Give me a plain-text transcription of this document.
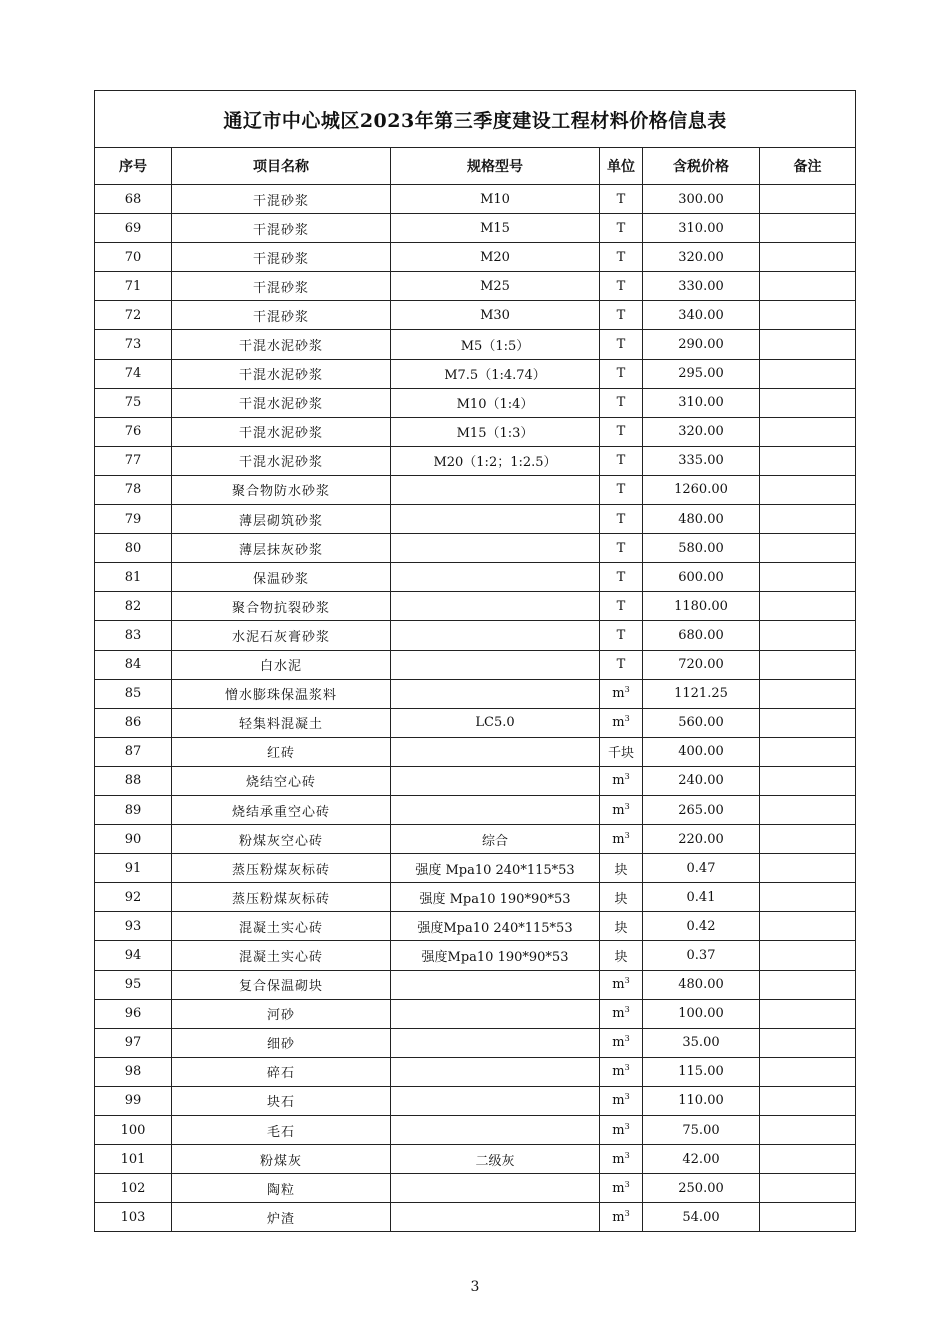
通辽市中心城区2023年第三季度建设工程材料价格信息表					
序号	项目名称	规格型号	单位	含税价格	备注
68	干混砂浆	M10	T	300.00	
69	干混砂浆	M15	T	310.00	
70	干混砂浆	M20	T	320.00	
71	干混砂浆	M25	T	330.00	
72	干混砂浆	M30	T	340.00	
73	干混水泥砂浆	M5（1:5）	T	290.00	
74	干混水泥砂浆	M7.5（1:4.74）	T	295.00	
75	干混水泥砂浆	M10（1:4）	T	310.00	
76	干混水泥砂浆	M15（1:3）	T	320.00	
77	干混水泥砂浆	M20（1:2；1:2.5）	T	335.00	
78	聚合物防水砂浆		T	1260.00	
79	薄层砌筑砂浆		T	480.00	
80	薄层抹灰砂浆		T	580.00	
81	保温砂浆		T	600.00	
82	聚合物抗裂砂浆		T	1180.00	
83	水泥石灰膏砂浆		T	680.00	
84	白水泥		T	720.00	
85	憎水膨珠保温浆料		$m^3$	1121.25	
86	轻集料混凝土	LC5.0	$m^3$	560.00	
87	红砖		千块	400.00	
88	烧结空心砖		$m^3$	240.00	
89	烧结承重空心砖		$m^3$	265.00	
90	粉煤灰空心砖	综合	$m^3$	220.00	
91	蒸压粉煤灰标砖	强度 Mpa10 240*115*53	块	0.47	
92	蒸压粉煤灰标砖	强度 Mpa10 190*90*53	块	0.41	
93	混凝土实心砖	强度Mpa10 240*115*53	块	0.42	
94	混凝土实心砖	强度Mpa10 190*90*53	块	0.37	
95	复合保温砌块		$m^3$	480.00	
96	河砂		$m^3$	100.00	
97	细砂		$m^3$	35.00	
98	碎石		$m^3$	115.00	
99	块石		$m^3$	110.00	
100	毛石		$m^3$	75.00	
101	粉煤灰	二级灰	$m^3$	42.00	
102	陶粒		$m^3$	250.00	
103	炉渣		$m^3$	54.00	
3
